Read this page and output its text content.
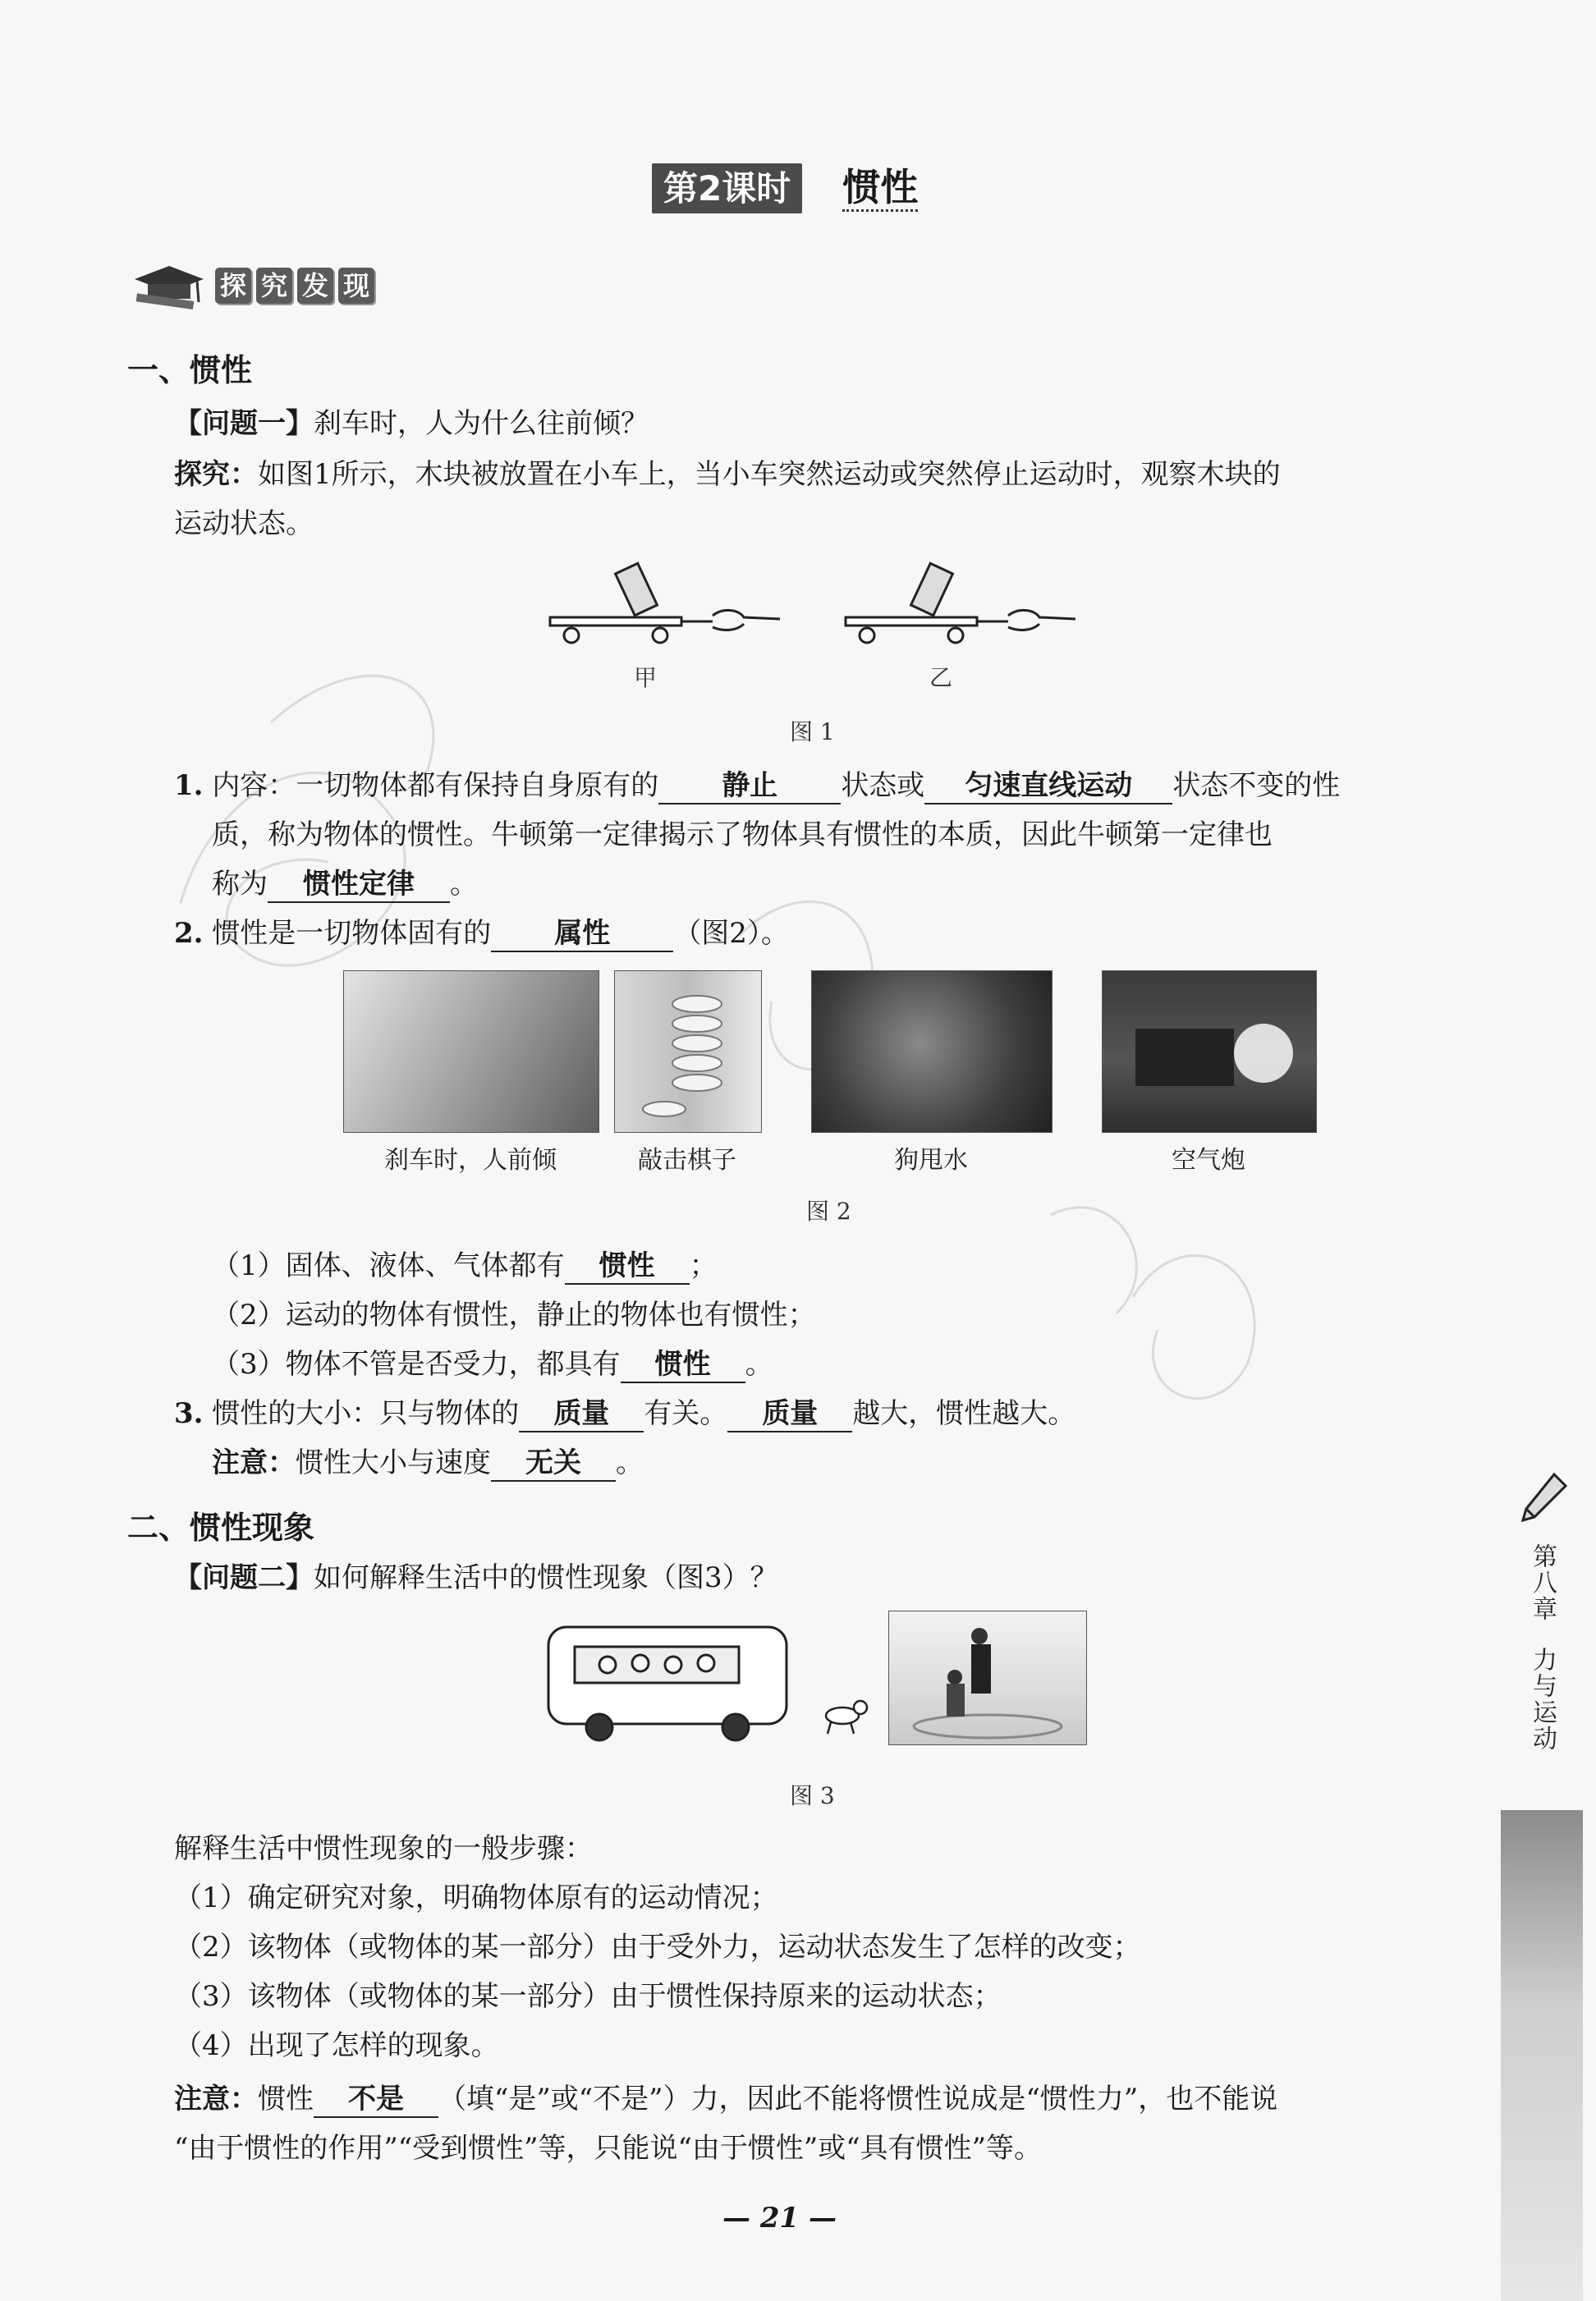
第2课时 惯性
探 究 发 现
一、惯性
【问题一】刹车时，人为什么往前倾？
探究：如图1所示，木块被放置在小车上，当小车突然运动或突然停止运动时，观察木块的
运动状态。
甲	乙
图 1
1. 内容：一切物体都有保持自身原有的 静止 状态或 匀速直线运动 状态不变的性
质，称为物体的惯性。牛顿第一定律揭示了物体具有惯性的本质，因此牛顿第一定律也
称为 惯性定律 。
2. 惯性是一切物体固有的 属性 （图2）。
刹车时，人前倾	敲击棋子	狗甩水	空气炮
图 2
（1）固体、液体、气体都有 惯性 ；
（2）运动的物体有惯性，静止的物体也有惯性；
（3）物体不管是否受力，都具有 惯性 。
3. 惯性的大小：只与物体的 质量 有关。 质量 越大，惯性越大。
注意：惯性大小与速度 无关 。
二、惯性现象
【问题二】如何解释生活中的惯性现象（图3）？
图 3
解释生活中惯性现象的一般步骤：
（1）确定研究对象，明确物体原有的运动情况；
（2）该物体（或物体的某一部分）由于受外力，运动状态发生了怎样的改变；
（3）该物体（或物体的某一部分）由于惯性保持原来的运动状态；
（4）出现了怎样的现象。
注意：惯性 不是 （填“是”或“不是”）力，因此不能将惯性说成是“惯性力”，也不能说
“由于惯性的作用”“受到惯性”等，只能说“由于惯性”或“具有惯性”等。
— 21 —
第八章
力与运动
